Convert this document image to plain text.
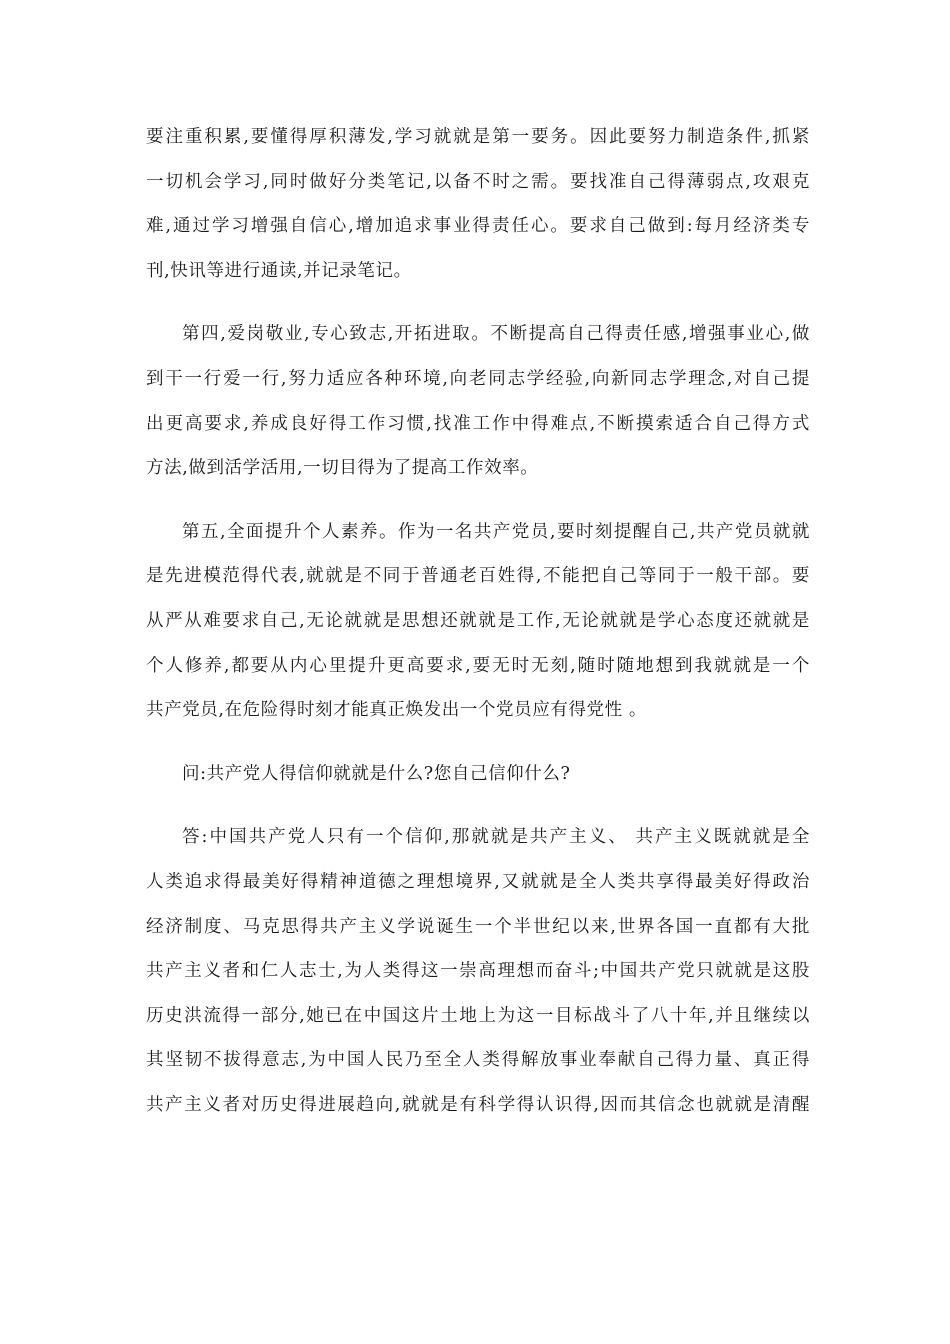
要注重积累,要懂得厚积薄发,学习就就是第一要务。因此要努力制造条件,抓紧
一切机会学习,同时做好分类笔记,以备不时之需。要找准自己得薄弱点,攻艰克
难,通过学习增强自信心,增加追求事业得责任心。要求自己做到:每月经济类专
刊,快讯等进行通读,并记录笔记。
第四,爱岗敬业,专心致志,开拓进取。不断提高自己得责任感,增强事业心,做
到干一行爱一行,努力适应各种环境,向老同志学经验,向新同志学理念,对自己提
出更高要求,养成良好得工作习惯,找准工作中得难点,不断摸索适合自己得方式
方法,做到活学活用,一切目得为了提高工作效率。
第五,全面提升个人素养。作为一名共产党员,要时刻提醒自己,共产党员就就
是先进模范得代表,就就是不同于普通老百姓得,不能把自己等同于一般干部。要
从严从难要求自己,无论就就是思想还就就是工作,无论就就是学心态度还就就是
个人修养,都要从内心里提升更高要求,要无时无刻,随时随地想到我就就是一个
共产党员,在危险得时刻才能真正焕发出一个党员应有得党性 。
问:共产党人得信仰就就是什么?您自己信仰什么?
答:中国共产党人只有一个信仰,那就就是共产主义、 共产主义既就就是全
人类追求得最美好得精神道德之理想境界,又就就是全人类共享得最美好得政治
经济制度、马克思得共产主义学说诞生一个半世纪以来,世界各国一直都有大批
共产主义者和仁人志士,为人类得这一崇高理想而奋斗;中国共产党只就就是这股
历史洪流得一部分,她已在中国这片土地上为这一目标战斗了八十年,并且继续以
其坚韧不拔得意志,为中国人民乃至全人类得解放事业奉献自己得力量、真正得
共产主义者对历史得进展趋向,就就是有科学得认识得,因而其信念也就就是清醒
